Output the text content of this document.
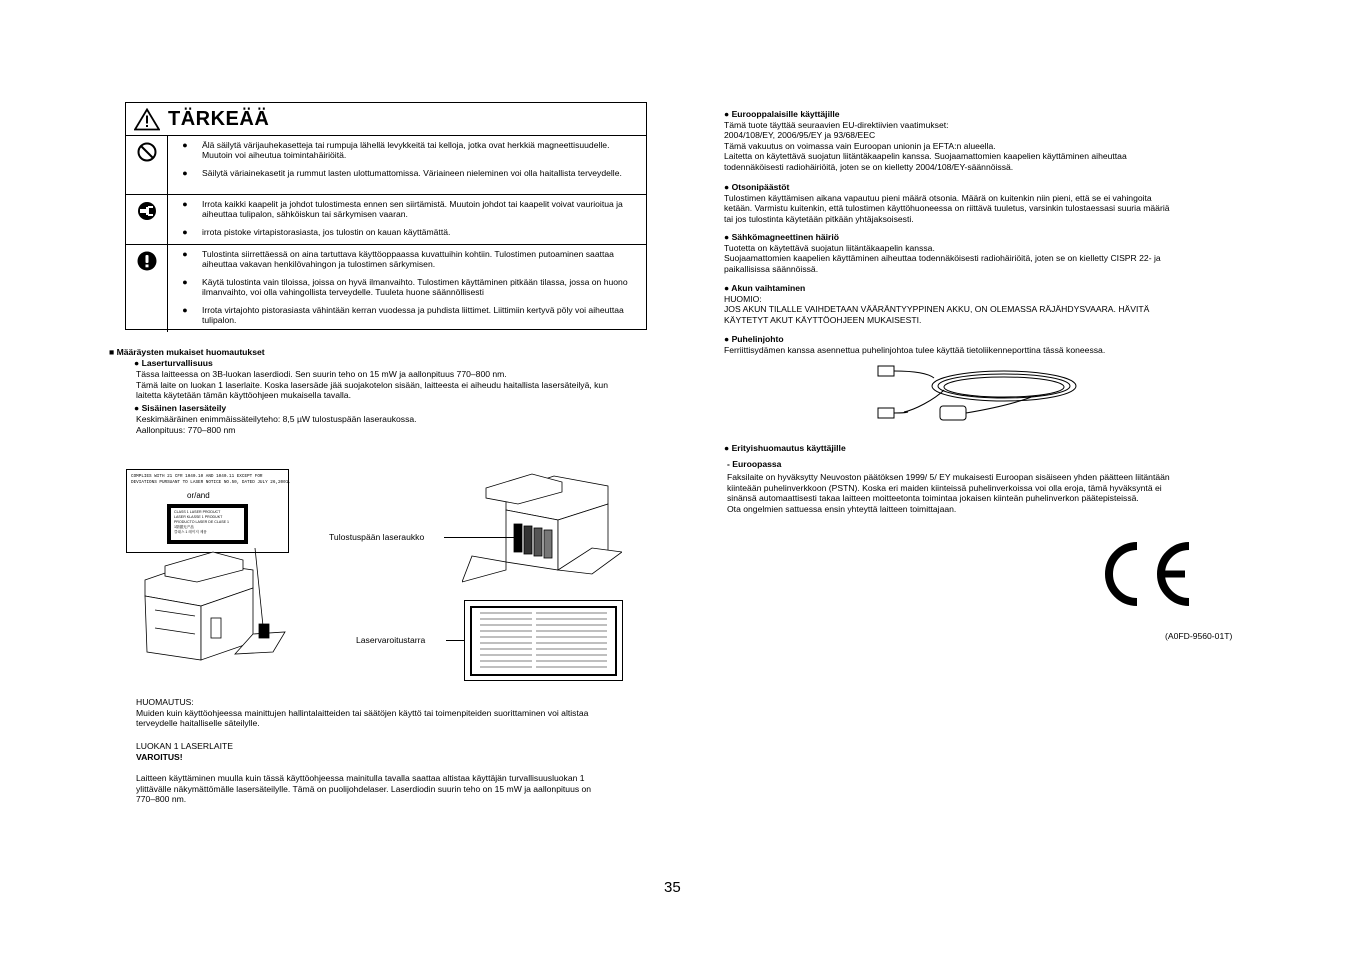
TÄRKEÄÄ
●	Älä säilytä värijauhekasetteja tai rumpuja lähellä levykkeitä tai kelloja, jotka ovat herkkiä magneettisuudelle. Muutoin voi aiheutua toimintahäiriöitä.
●	Säilytä väriainekasetit ja rummut lasten ulottumattomissa. Väriaineen nieleminen voi olla haitallista terveydelle.
●	Irrota kaikki kaapelit ja johdot tulostimesta ennen sen siirtämistä. Muutoin johdot tai kaapelit voivat vaurioitua ja aiheuttaa tulipalon, sähköiskun tai särkymisen vaaran.
●	irrota pistoke virtapistorasiasta, jos tulostin on kauan käyttämättä.
●	Tulostinta siirrettäessä on aina tartuttava käyttöoppaassa kuvattuihin kohtiin. Tulostimen putoaminen saattaa aiheuttaa vakavan henkilövahingon ja tulostimen särkymisen.
●	Käytä tulostinta vain tiloissa, joissa on hyvä ilmanvaihto. Tulostimen käyttäminen pitkään tilassa, jossa on huono ilmanvaihto, voi olla vahingollista terveydelle. Tuuleta huone säännöllisesti
●	Irrota virtajohto pistorasiasta vähintään kerran vuodessa ja puhdista liittimet. Liittimiin kertyvä pöly voi aiheuttaa tulipalon.
■ Määräysten mukaiset huomautukset
● Laserturvallisuus
Tässa laitteessa on 3B-luokan laserdiodi. Sen suurin teho on 15 mW ja aallonpituus 770–800 nm.
Tämä laite on luokan 1 laserlaite. Koska lasersäde jää suojakotelon sisään, laitteesta ei aiheudu haitallista lasersäteilyä, kun
laitetta käytetään tämän käyttöohjeen mukaisella tavalla.
● Sisäinen lasersäteily
Keskimääräinen enimmäissäteilyteho: 8,5 µW tulostuspään laseraukossa.
Aallonpituus: 770–800 nm
COMPLIES WITH 21 CFR 1040.10 AND 1040.11 EXCEPT FOR
DEVIATIONS PURSUANT TO LASER NOTICE NO.50, DATED JULY 26,2001.
or/and
CLASS 1 LASER PRODUCT
LASER KLASSE 1 PRODUKT
PRODUCTO LASER DE CLASE 1
1類激光产品
클래스 1 레이저 제품	Tulostuspään laseraukko
Laservaroitustarra
HUOMAUTUS:
Muiden kuin käyttöohjeessa mainittujen hallintalaitteiden tai säätöjen käyttö tai toimenpiteiden suorittaminen voi altistaa
terveydelle haitalliselle säteilylle.
LUOKAN 1 LASERLAITE
VAROITUS!
Laitteen käyttäminen muulla kuin tässä käyttöohjeessa mainitulla tavalla saattaa altistaa käyttäjän turvallisuusluokan 1
ylittävälle näkymättömälle lasersäteilylle. Tämä on puolijohdelaser. Laserdiodin suurin teho on 15 mW ja aallonpituus on
770–800 nm.
● Eurooppalaisille käyttäjille
Tämä tuote täyttää seuraavien EU-direktiivien vaatimukset:
2004/108/EY, 2006/95/EY ja 93/68/EEC
Tämä vakuutus on voimassa vain Euroopan unionin ja EFTA:n alueella.
Laitetta on käytettävä suojatun liitäntäkaapelin kanssa. Suojaamattomien kaapelien käyttäminen aiheuttaa
todennäköisesti radiohäiriöitä, joten se on kielletty 2004/108/EY-säännöissä.
● Otsonipäästöt
Tulostimen käyttämisen aikana vapautuu pieni määrä otsonia. Määrä on kuitenkin niin pieni, että se ei vahingoita
ketään. Varmistu kuitenkin, että tulostimen käyttöhuoneessa on riittävä tuuletus, varsinkin tulostaessasi suuria määriä
tai jos tulostinta käytetään pitkään yhtäjaksoisesti.
● Sähkömagneettinen häiriö
Tuotetta on käytettävä suojatun liitäntäkaapelin kanssa.
Suojaamattomien kaapelien käyttäminen aiheuttaa todennäköisesti radiohäiriöitä, joten se on kielletty CISPR 22- ja
paikallisissa säännöissä.
● Akun vaihtaminen
HUOMIO:
JOS AKUN TILALLE VAIHDETAAN VÄÄRÄNTYYPPINEN AKKU, ON OLEMASSA RÄJÄHDYSVAARA. HÄVITÄ
KÄYTETYT AKUT KÄYTTÖOHJEEN MUKAISESTI.
● Puhelinjohto
Ferriittisydämen kanssa asennettua puhelinjohtoa tulee käyttää tietoliikenneporttina tässä koneessa.
● Erityishuomautus käyttäjille
- Euroopassa
Faksilaite on hyväksytty Neuvoston päätöksen 1999/ 5/ EY mukaisesti Euroopan sisäiseen yhden päätteen liitäntään
kiinteään puhelinverkkoon (PSTN). Koska eri maiden kiinteissä puhelinverkoissa voi olla eroja, tämä hyväksyntä ei
sinänsä automaattisesti takaa laitteen moitteetonta toimintaa jokaisen kiinteän puhelinverkon päätepisteissä.
Ota ongelmien sattuessa ensin yhteyttä laitteen toimittajaan.
(A0FD-9560-01T)
35
